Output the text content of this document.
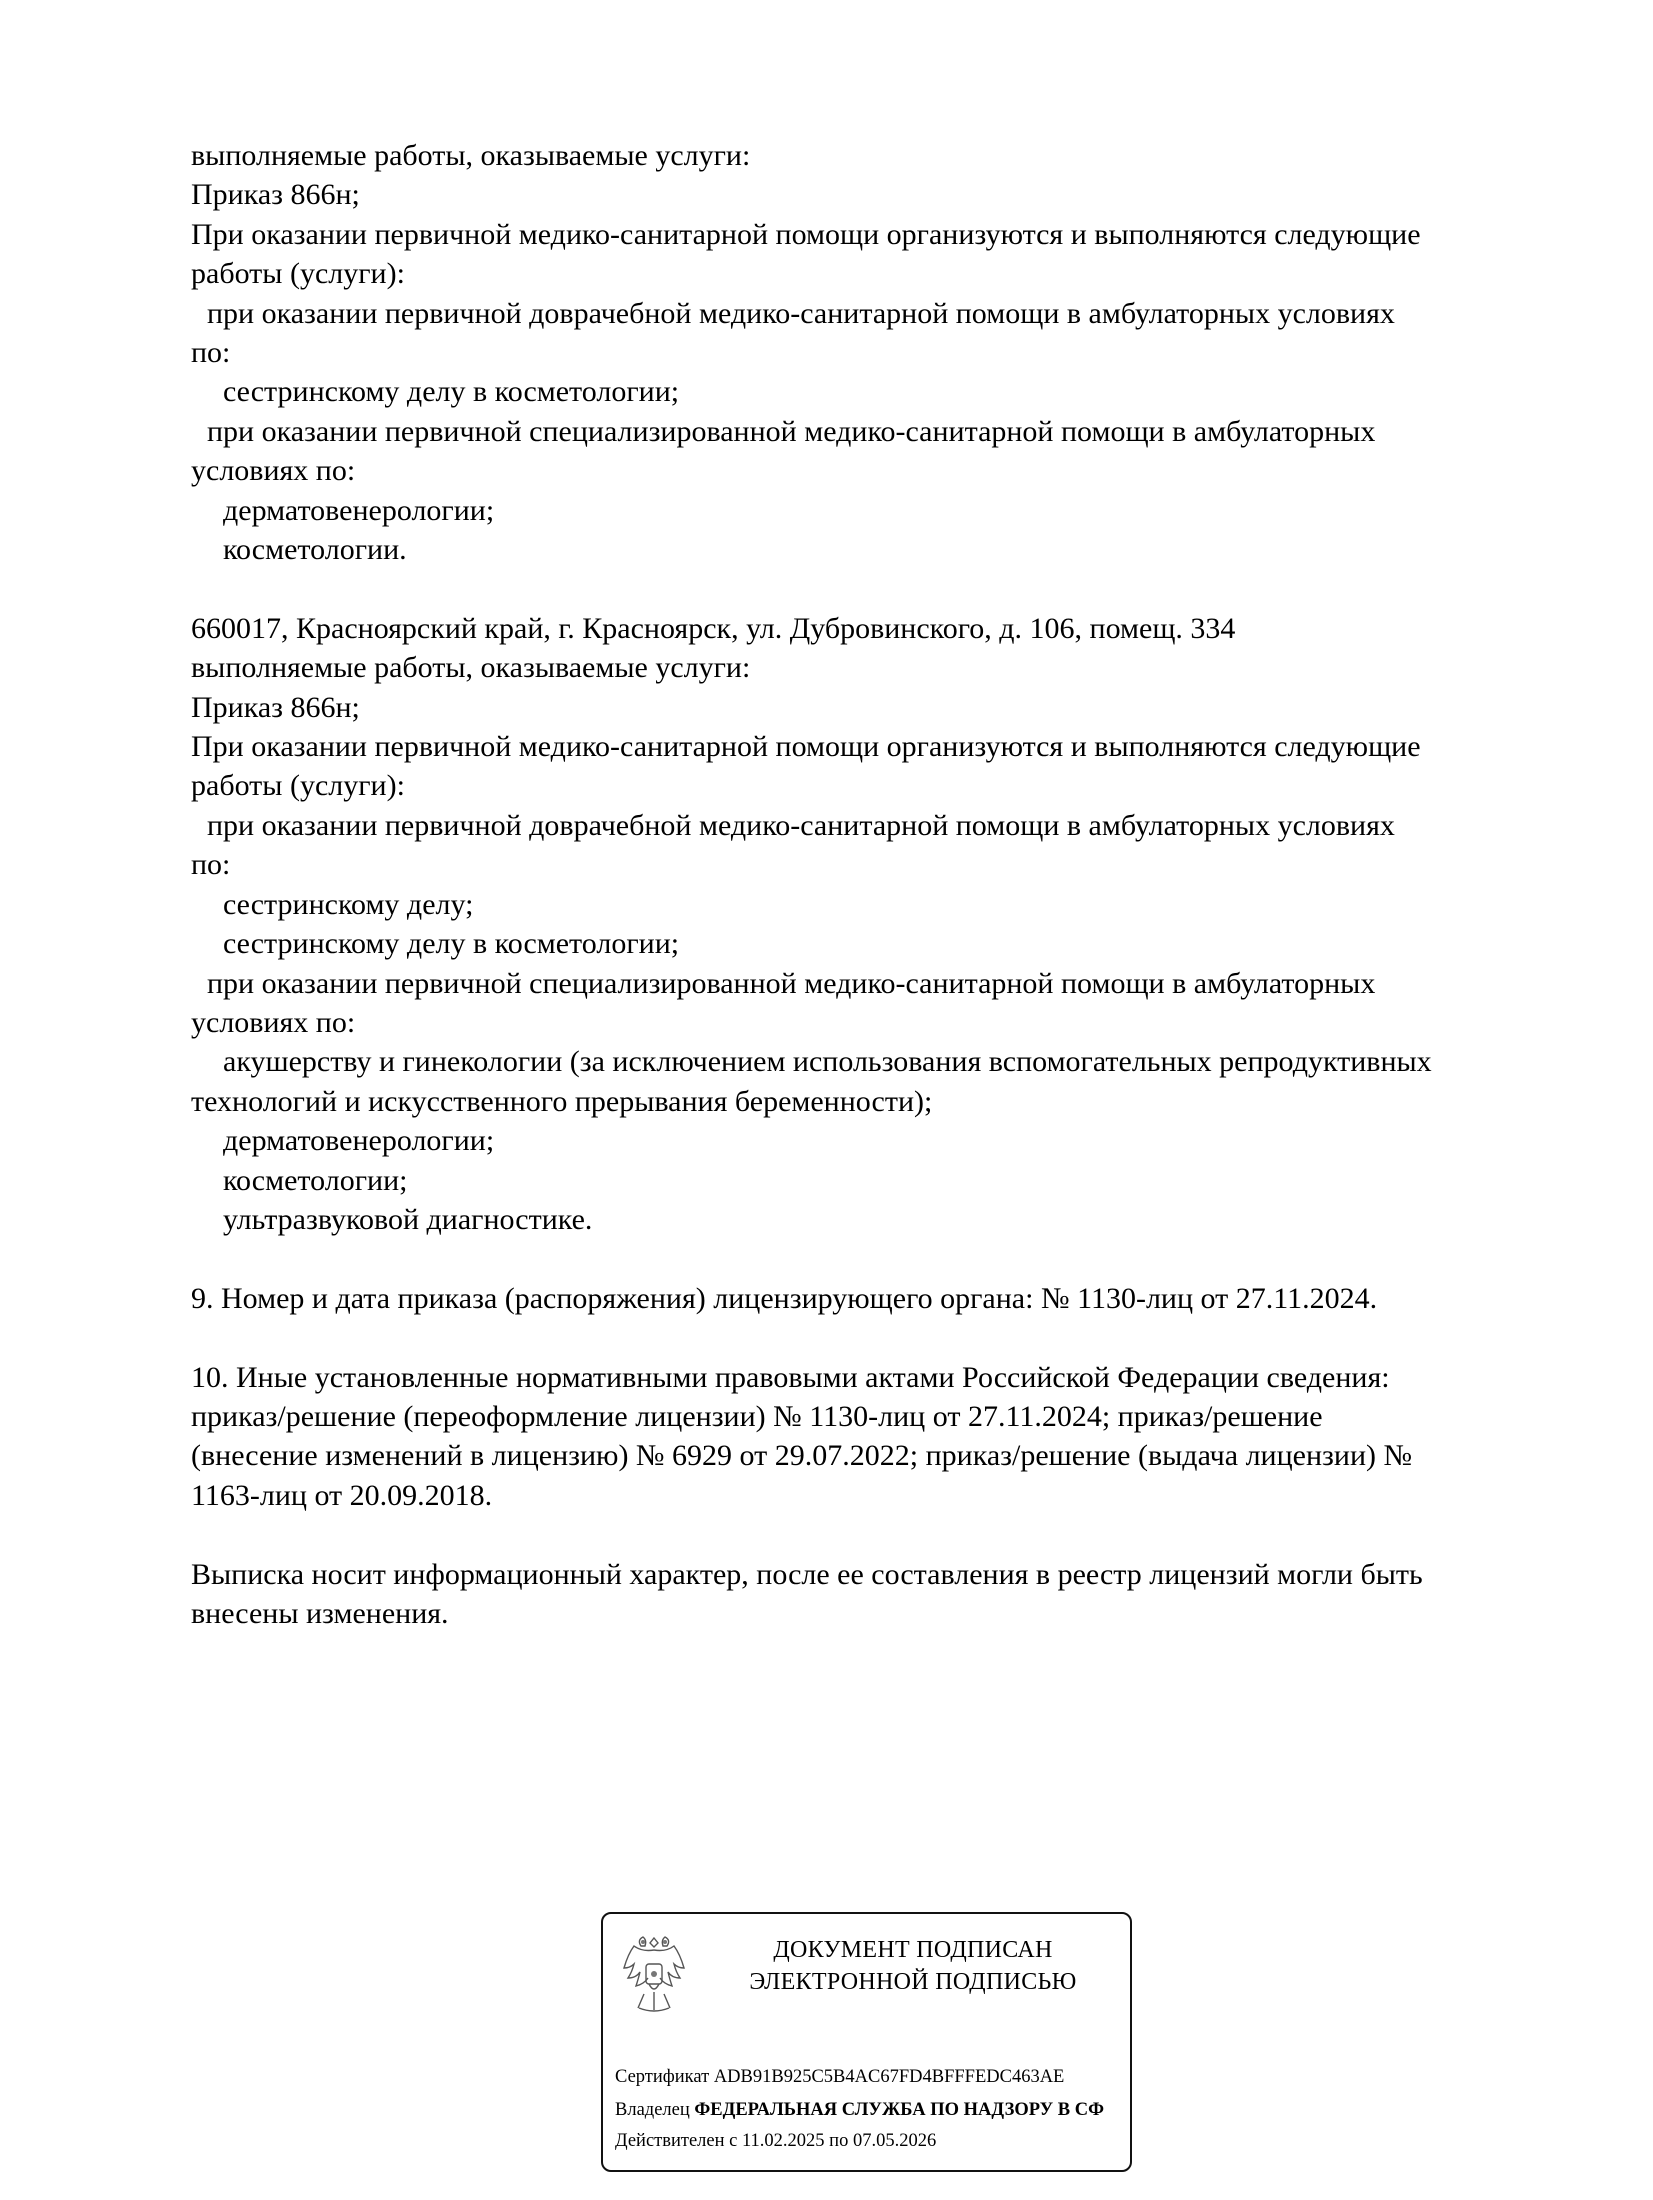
выполняемые работы, оказываемые услуги:
Приказ 866н;
При оказании первичной медико-санитарной помощи организуются и выполняются следующие
работы (услуги):
при оказании первичной доврачебной медико-санитарной помощи в амбулаторных условиях
по:
сестринскому делу в косметологии;
при оказании первичной специализированной медико-санитарной помощи в амбулаторных
условиях по:
дерматовенерологии;
косметологии.
660017, Красноярский край, г. Красноярск, ул. Дубровинского, д. 106, помещ. 334
выполняемые работы, оказываемые услуги:
Приказ 866н;
При оказании первичной медико-санитарной помощи организуются и выполняются следующие
работы (услуги):
при оказании первичной доврачебной медико-санитарной помощи в амбулаторных условиях
по:
сестринскому делу;
сестринскому делу в косметологии;
при оказании первичной специализированной медико-санитарной помощи в амбулаторных
условиях по:
акушерству и гинекологии (за исключением использования вспомогательных репродуктивных
технологий и искусственного прерывания беременности);
дерматовенерологии;
косметологии;
ультразвуковой диагностике.
9. Номер и дата приказа (распоряжения) лицензирующего органа: № 1130-лиц от 27.11.2024.
10. Иные установленные нормативными правовыми актами Российской Федерации сведения:
приказ/решение (переоформление лицензии) № 1130-лиц от 27.11.2024; приказ/решение
(внесение изменений в лицензию) № 6929 от 29.07.2022; приказ/решение (выдача лицензии) №
1163-лиц от 20.09.2018.
Выписка носит информационный характер, после ее составления в реестр лицензий могли быть
внесены изменения.
ДОКУМЕНТ ПОДПИСАН
ЭЛЕКТРОННОЙ ПОДПИСЬЮ
Сертификат ADB91B925C5B4AC67FD4BFFFEDC463AE
Владелец ФЕДЕРАЛЬНАЯ СЛУЖБА ПО НАДЗОРУ В СФ
Действителен с 11.02.2025 по 07.05.2026
